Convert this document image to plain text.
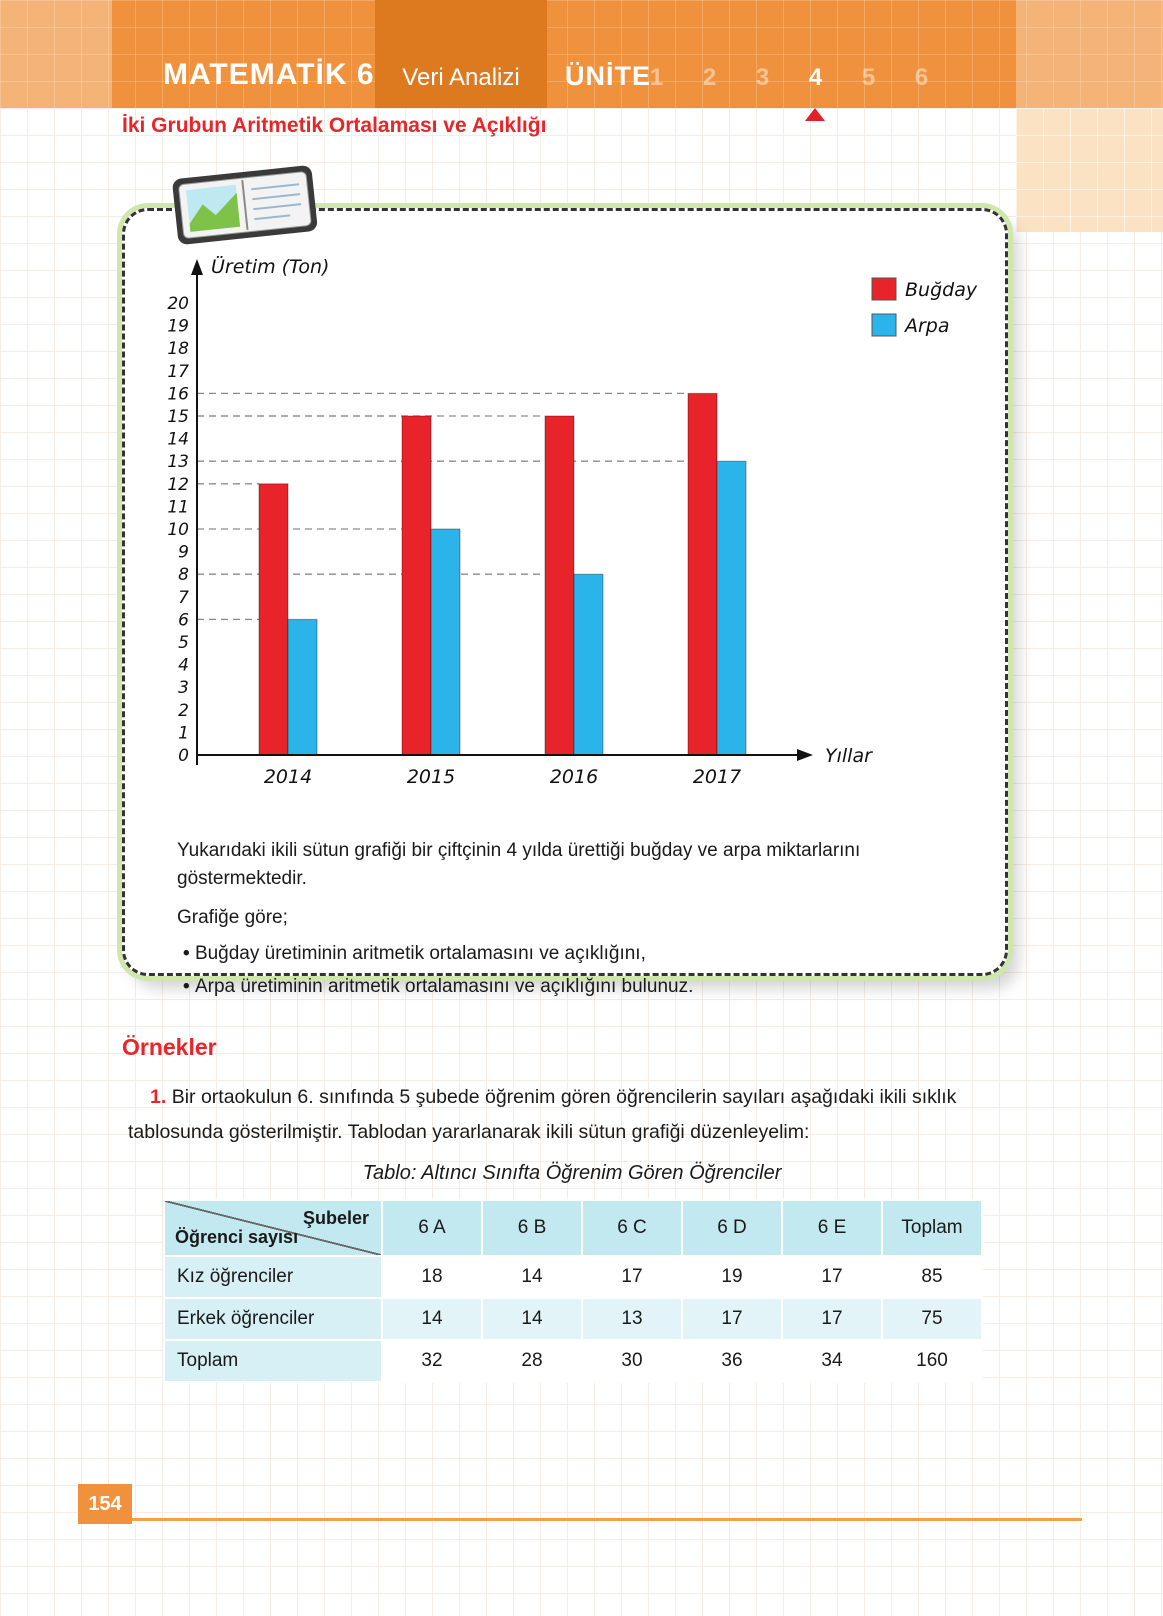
Veri Analizi
MATEMATİK 6	ÜNİTE
1	2	3	4	5	6
İki Grubun Aritmetik Ortalaması ve Açıklığı
2014	2015	2016	2017
0
1
2
3
4
5
6
7
8
9
10
11
12
13
14
15
16
17
18
19
20
Üretim (Ton)
Yıllar
Buğday
Arpa

Yukarıdaki ikili sütun grafiği bir çiftçinin 4 yılda ürettiği buğday ve arpa miktarlarını göstermektedir.

Grafiğe göre;

• Buğday üretiminin aritmetik ortalamasını ve açıklığını,

• Arpa üretiminin aritmetik ortalamasını ve açıklığını bulunuz.

Örnekler

1. Bir ortaokulun 6. sınıfında 5 şubede öğrenim gören öğrencilerin sayıları aşağıdaki ikili sıklık tablosunda gösterilmiştir. Tablodan yararlanarak ikili sütun grafiği düzenleyelim:

Tablo: Altıncı Sınıfta Öğrenim Gören Öğrenciler
Şubeler
Öğrenci sayısı	6 A	6 B	6 C	6 D	6 E	Toplam
Kız öğrenciler	18	14	17	19	17	85
Erkek öğrenciler	14	14	13	17	17	75
Toplam	32	28	30	36	34	160
154
